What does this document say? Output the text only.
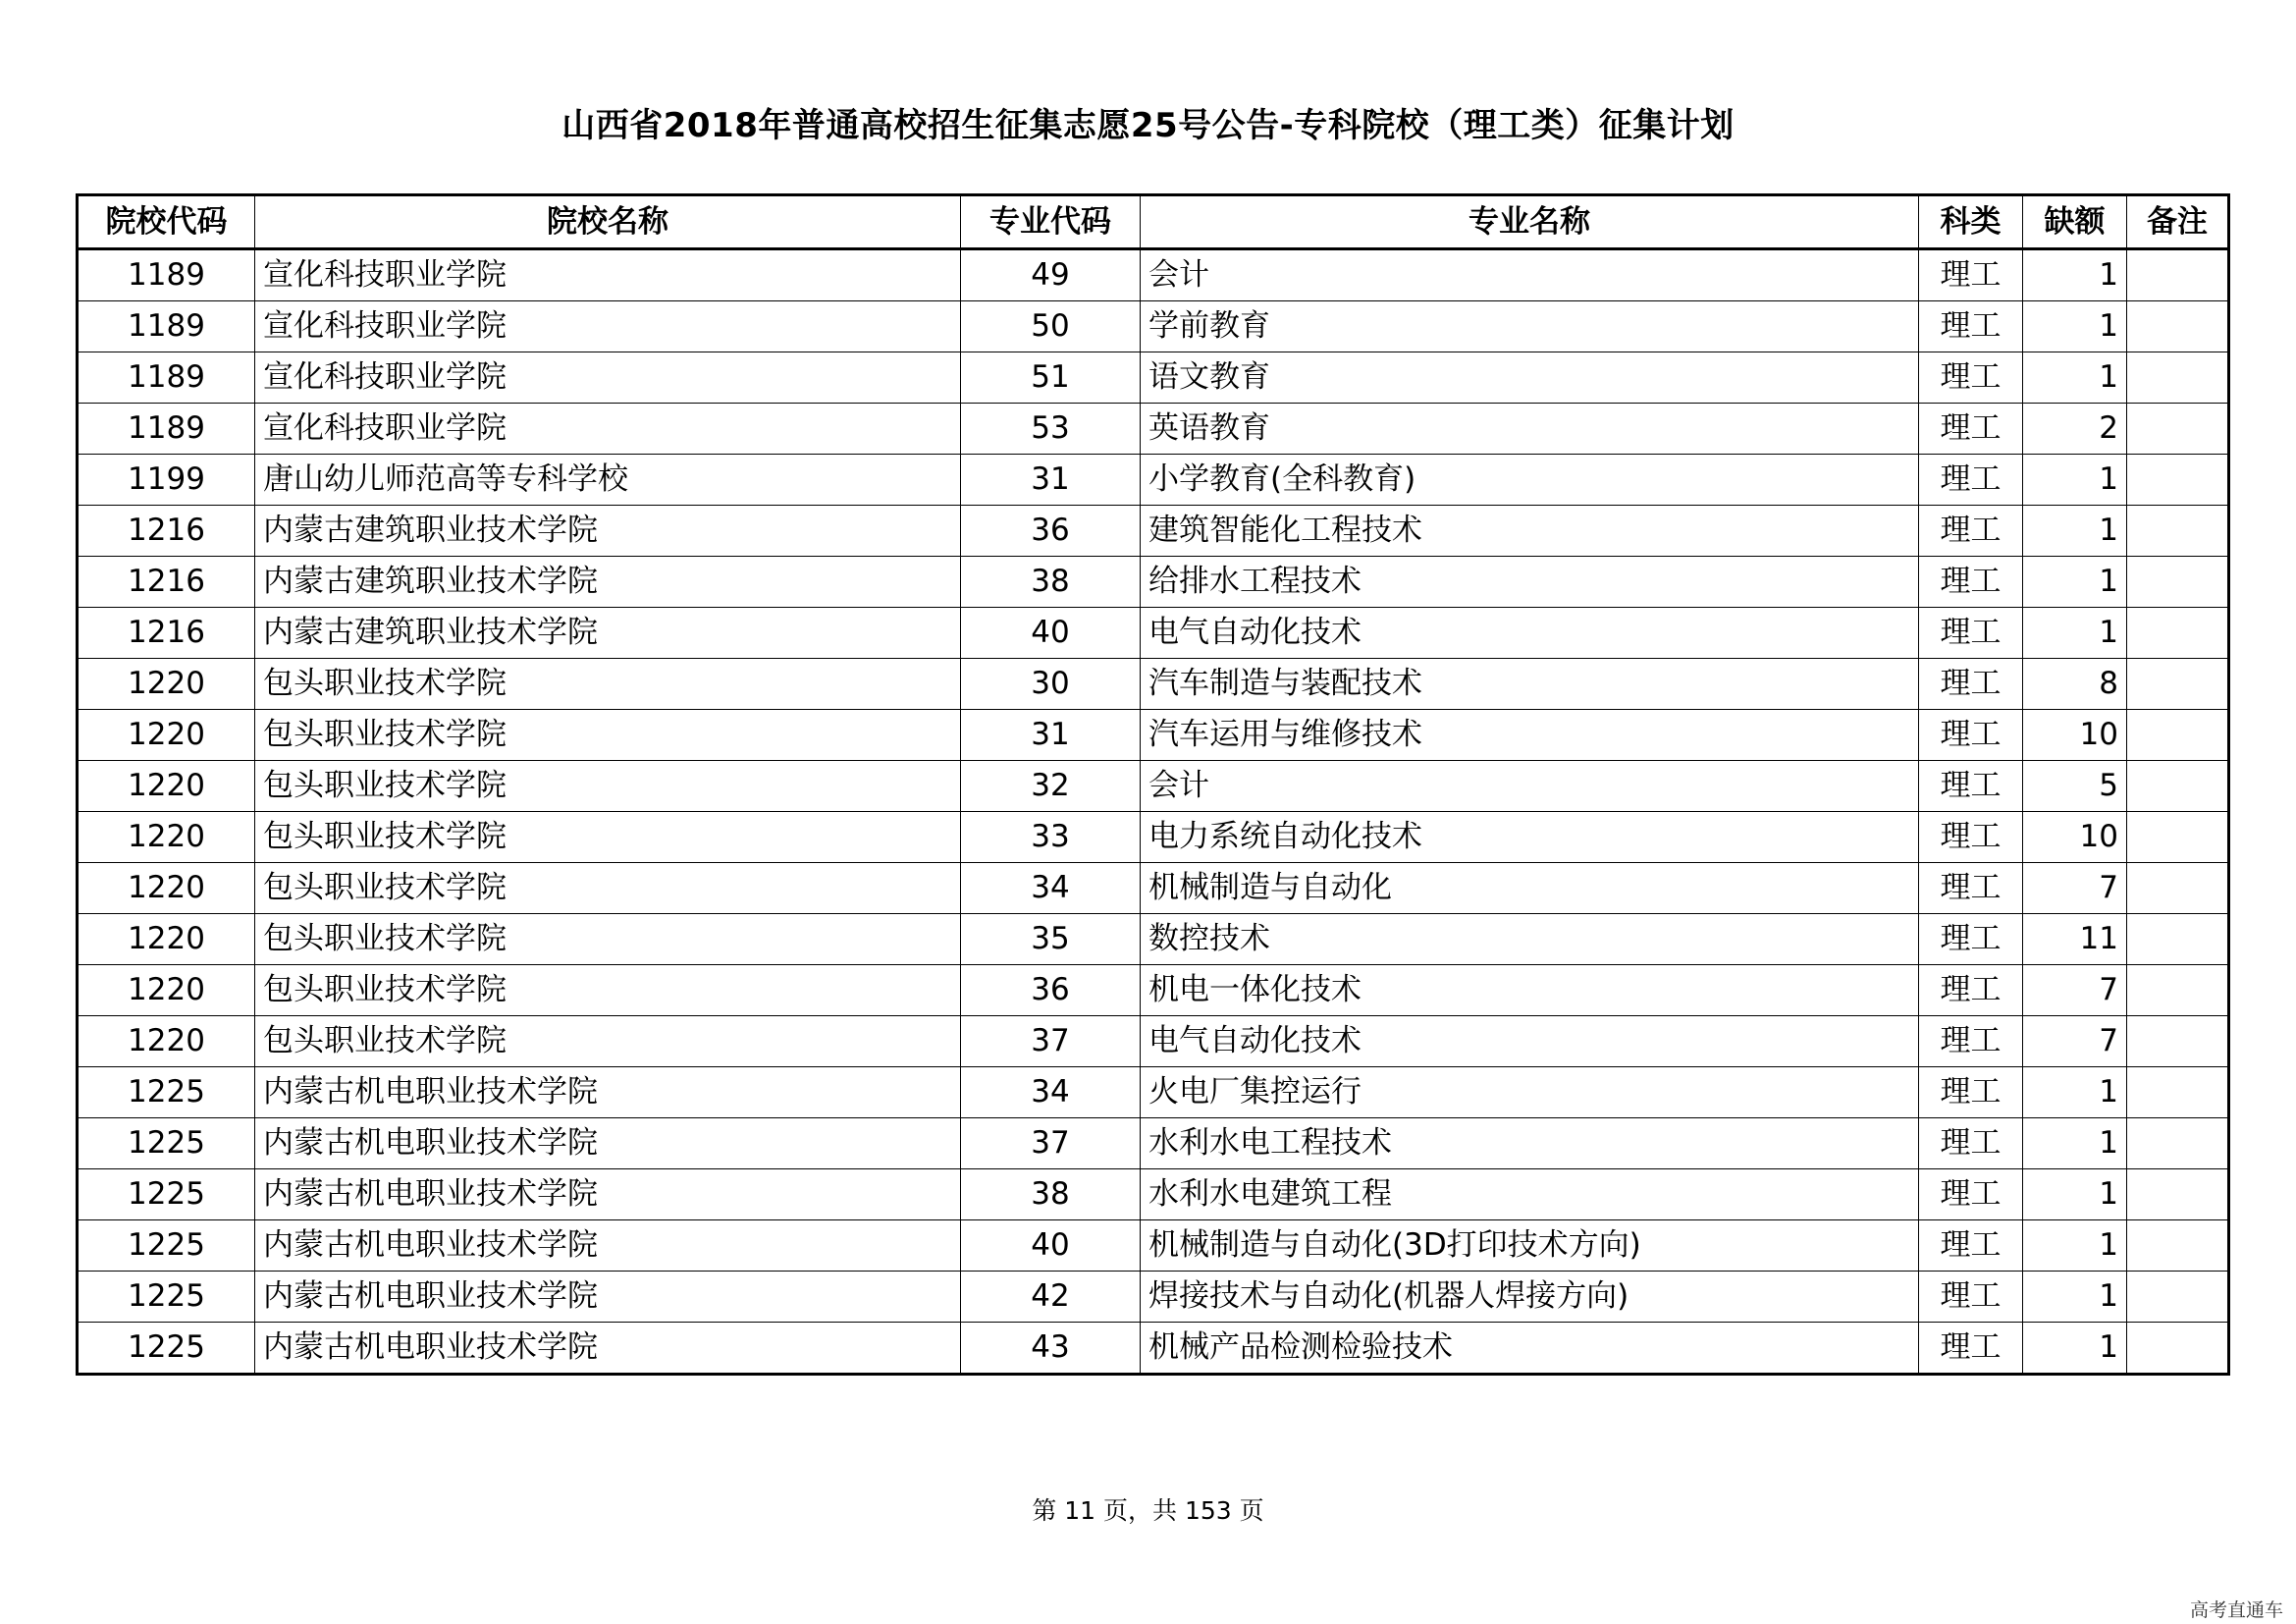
山西省2018年普通高校招生征集志愿25号公告-专科院校（理工类）征集计划
院校代码	院校名称	专业代码	专业名称	科类	缺额	备注
1189	宣化科技职业学院	49	会计	理工	1	
1189	宣化科技职业学院	50	学前教育	理工	1	
1189	宣化科技职业学院	51	语文教育	理工	1	
1189	宣化科技职业学院	53	英语教育	理工	2	
1199	唐山幼儿师范高等专科学校	31	小学教育(全科教育)	理工	1	
1216	内蒙古建筑职业技术学院	36	建筑智能化工程技术	理工	1	
1216	内蒙古建筑职业技术学院	38	给排水工程技术	理工	1	
1216	内蒙古建筑职业技术学院	40	电气自动化技术	理工	1	
1220	包头职业技术学院	30	汽车制造与装配技术	理工	8	
1220	包头职业技术学院	31	汽车运用与维修技术	理工	10	
1220	包头职业技术学院	32	会计	理工	5	
1220	包头职业技术学院	33	电力系统自动化技术	理工	10	
1220	包头职业技术学院	34	机械制造与自动化	理工	7	
1220	包头职业技术学院	35	数控技术	理工	11	
1220	包头职业技术学院	36	机电一体化技术	理工	7	
1220	包头职业技术学院	37	电气自动化技术	理工	7	
1225	内蒙古机电职业技术学院	34	火电厂集控运行	理工	1	
1225	内蒙古机电职业技术学院	37	水利水电工程技术	理工	1	
1225	内蒙古机电职业技术学院	38	水利水电建筑工程	理工	1	
1225	内蒙古机电职业技术学院	40	机械制造与自动化(3D打印技术方向)	理工	1	
1225	内蒙古机电职业技术学院	42	焊接技术与自动化(机器人焊接方向)	理工	1	
1225	内蒙古机电职业技术学院	43	机械产品检测检验技术	理工	1	
第 11 页，共 153 页
高考直通车
